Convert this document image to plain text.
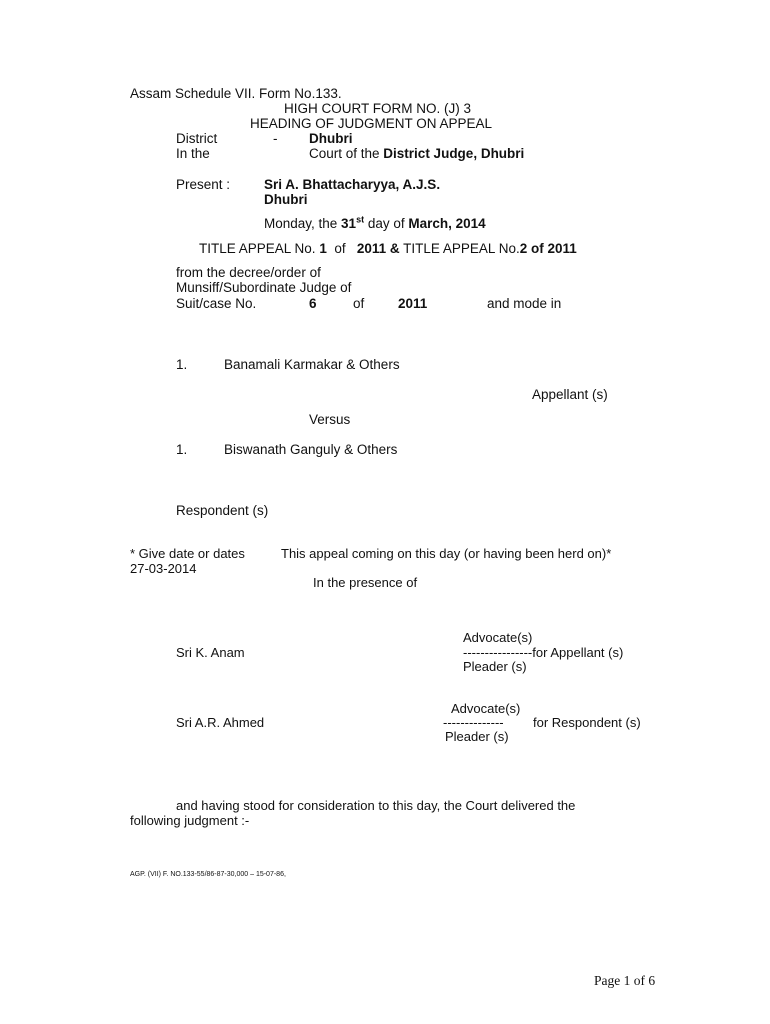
Assam Schedule VII. Form No.133.
HIGH COURT FORM NO. (J) 3
HEADING OF JUDGMENT ON APPEAL
District	- Dhubri
In the	Court of the District Judge, Dhubri
Present :	Sri A. Bhattacharyya, A.J.S.
Dhubri
Monday, the 31st day of March, 2014
TITLE APPEAL No. 1  of   2011 & TITLE APPEAL No.2 of 2011
from the decree/order of
Munsiff/Subordinate Judge of
Suit/case No.	6	of 2011	and mode in
1.	Banamali Karmakar & Others
Appellant (s)
Versus
1.	Biswanath Ganguly & Others
Respondent (s)
* Give date or dates	This appeal coming on this day (or having been herd on)*
27-03-2014
In the presence of
Advocate(s)
Sri K. Anam	----------------for Appellant (s)
Pleader (s)
Advocate(s)
Sri A.R. Ahmed	-------------- for Respondent (s)
Pleader (s)
and having stood for consideration to this day, the Court delivered the
following judgment :-
AGP. (VII) F. NO.133-55/86-87-30,000 – 15-07-86,
Page 1 of 6
